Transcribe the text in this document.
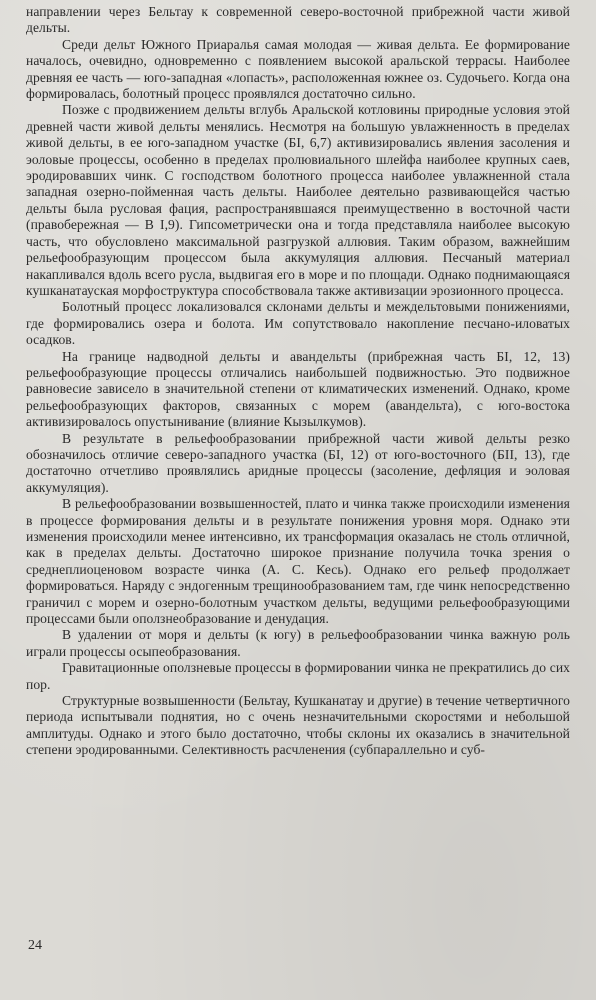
направлении через Бельтау к современной северо-восточной прибрежной части живой дельты.

Среди дельт Южного Приаралья самая молодая — живая дельта. Ее формирование началось, очевидно, одновременно с появлением высокой аральской террасы. Наиболее древняя ее часть — юго-западная «лопасть», расположенная южнее оз. Судочьего. Когда она формировалась, болотный процесс проявлялся достаточно сильно.

Позже с продвижением дельты вглубь Аральской котловины природные условия этой древней части живой дельты менялись. Несмотря на большую увлажненность в пределах живой дельты, в ее юго-западном участке (БІ, 6,7) активизировались явления засоления и эоловые процессы, особенно в пределах пролювиального шлейфа наиболее крупных саев, эродировавших чинк. С господством болотного процесса наиболее увлажненной стала западная озерно-пойменная часть дельты. Наиболее деятельно развивающейся частью дельты была русловая фация, распространявшаяся преимущественно в восточной части (правобережная — В І,9). Гипсометрически она и тогда представляла наиболее высокую часть, что обусловлено максимальной разгрузкой аллювия. Таким образом, важнейшим рельефообразующим процессом была аккумуляция аллювия. Песчаный материал накапливался вдоль всего русла, выдвигая его в море и по площади. Однако поднимающаяся кушканатауская морфоструктура способствовала также активизации эрозионного процесса.

Болотный процесс локализовался склонами дельты и междельтовыми понижениями, где формировались озера и болота. Им сопутствовало накопление песчано-иловатых осадков.

На границе надводной дельты и авандельты (прибрежная часть БІ, 12, 13) рельефообразующие процессы отличались наибольшей подвижностью. Это подвижное равновесие зависело в значительной степени от климатических изменений. Однако, кроме рельефообразующих факторов, связанных с морем (авандельта), с юго-востока активизировалось опустынивание (влияние Кызылкумов).

В результате в рельефообразовании прибрежной части живой дельты резко обозначилось отличие северо-западного участка (БІ, 12) от юго-восточного (БІІ, 13), где достаточно отчетливо проявлялись аридные процессы (засоление, дефляция и эоловая аккумуляция).

В рельефообразовании возвышенностей, плато и чинка также происходили изменения в процессе формирования дельты и в результате понижения уровня моря. Однако эти изменения происходили менее интенсивно, их трансформация оказалась не столь отличной, как в пределах дельты. Достаточно широкое признание получила точка зрения о среднеплиоценовом возрасте чинка (А. С. Кесь). Однако его рельеф продолжает формироваться. Наряду с эндогенным трещинообразованием там, где чинк непосредственно граничил с морем и озерно-болотным участком дельты, ведущими рельефообразующими процессами были оползнеобразование и денудация.

В удалении от моря и дельты (к югу) в рельефообразовании чинка важную роль играли процессы осыпеобразования.

Гравитационные оползневые процессы в формировании чинка не прекратились до сих пор.

Структурные возвышенности (Бельтау, Кушканатау и другие) в течение четвертичного периода испытывали поднятия, но с очень незначительными скоростями и небольшой амплитуды. Однако и этого было достаточно, чтобы склоны их оказались в значительной степени эродированными. Селективность расчленения (субпараллельно и суб-

24
